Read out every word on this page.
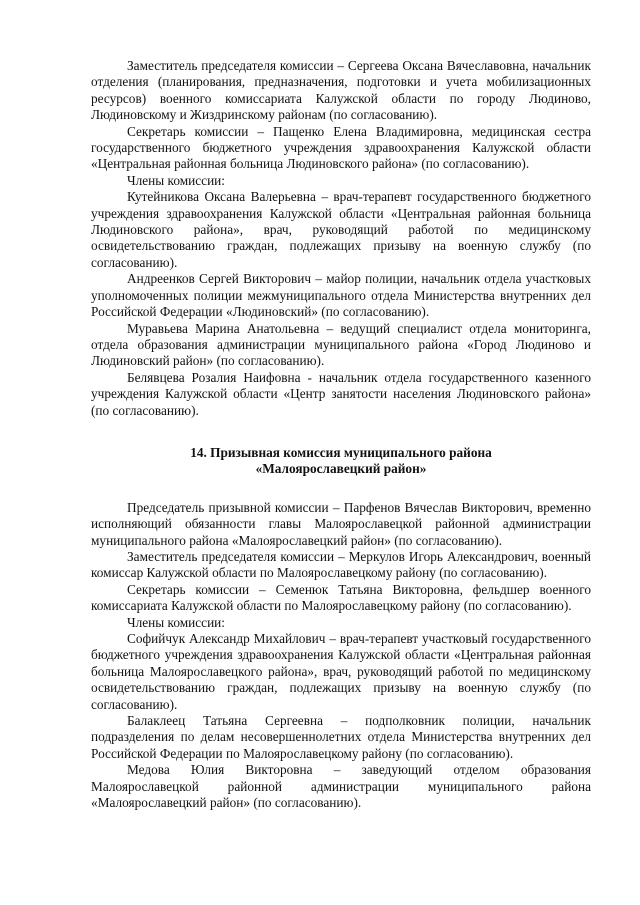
Заместитель председателя комиссии – Сергеева Оксана Вячеславовна, начальник отделения (планирования, предназначения, подготовки и учета мобилизационных ресурсов) военного комиссариата Калужской области по городу Людиново, Людиновскому и Жиздринскому районам (по согласованию).

Секретарь комиссии – Пащенко Елена Владимировна, медицинская сестра государственного бюджетного учреждения здравоохранения Калужской области «Центральная районная больница Людиновского района» (по согласованию).

Члены комиссии:

Кутейникова Оксана Валерьевна – врач-терапевт государственного бюджетного учреждения здравоохранения Калужской области «Центральная районная больница Людиновского района», врач, руководящий работой по медицинскому освидетельствованию граждан, подлежащих призыву на военную службу (по согласованию).

Андреенков Сергей Викторович – майор полиции, начальник отдела участковых уполномоченных полиции межмуниципального отдела Министерства внутренних дел Российской Федерации «Людиновский» (по согласованию).

Муравьева Марина Анатольевна – ведущий специалист отдела мониторинга, отдела образования администрации муниципального района «Город Людиново и Людиновский район» (по согласованию).

Белявцева Розалия Наифовна - начальник отдела государственного казенного учреждения Калужской области «Центр занятости населения Людиновского района» (по согласованию).

14. Призывная комиссия муниципального района
«Малоярославецкий район»

Председатель призывной комиссии – Парфенов Вячеслав Викторович, временно исполняющий обязанности главы Малоярославецкой районной администрации муниципального района «Малоярославецкий район» (по согласованию).

Заместитель председателя комиссии – Меркулов Игорь Александрович, военный комиссар Калужской области по Малоярославецкому району (по согласованию).

Секретарь комиссии – Семенюк Татьяна Викторовна, фельдшер военного комиссариата Калужской области по Малоярославецкому району (по согласованию).

Члены комиссии:

Софийчук Александр Михайлович – врач-терапевт участковый государственного бюджетного учреждения здравоохранения Калужской области «Центральная районная больница Малоярославецкого района», врач, руководящий работой по медицинскому освидетельствованию граждан, подлежащих призыву на военную службу (по согласованию).

Балаклеец Татьяна Сергеевна – подполковник полиции, начальник подразделения по делам несовершеннолетних отдела Министерства внутренних дел Российской Федерации по Малоярославецкому району (по согласованию).

Медова Юлия Викторовна – заведующий отделом образования Малоярославецкой районной администрации муниципального района «Малоярославецкий район» (по согласованию).
